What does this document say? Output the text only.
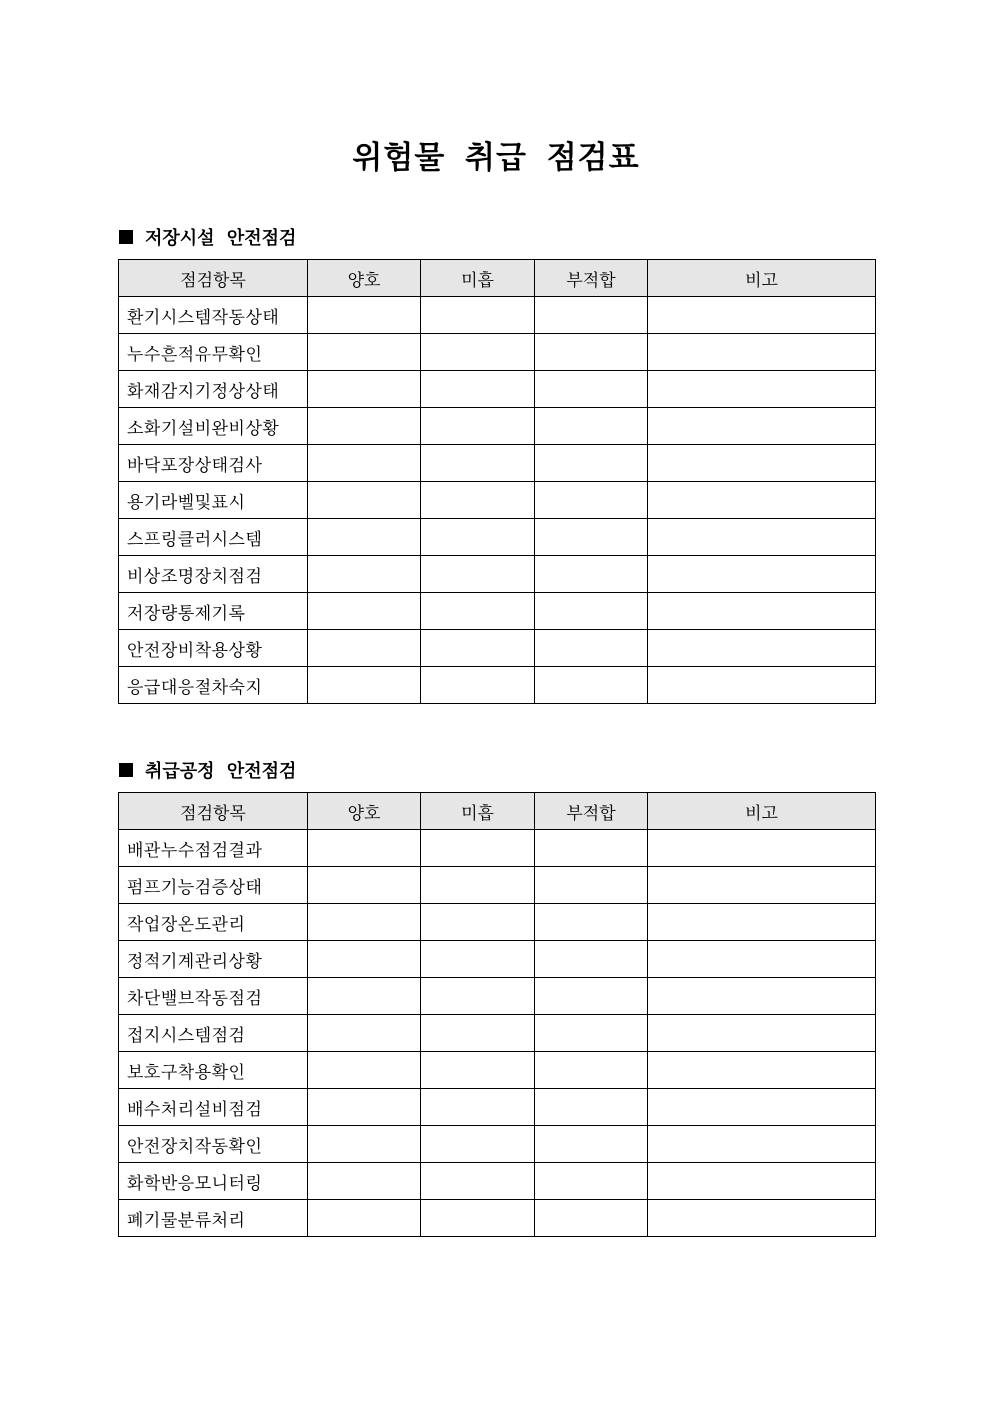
위험물 취급 점검표
저장시설 안전점검
점검항목	양호	미흡	부적합	비고
환기시스템작동상태				
누수흔적유무확인				
화재감지기정상상태				
소화기설비완비상황				
바닥포장상태검사				
용기라벨및표시				
스프링클러시스템				
비상조명장치점검				
저장량통제기록				
안전장비착용상황				
응급대응절차숙지				
취급공정 안전점검
점검항목	양호	미흡	부적합	비고
배관누수점검결과				
펌프기능검증상태				
작업장온도관리				
정적기계관리상황				
차단밸브작동점검				
접지시스템점검				
보호구착용확인				
배수처리설비점검				
안전장치작동확인				
화학반응모니터링				
폐기물분류처리				
